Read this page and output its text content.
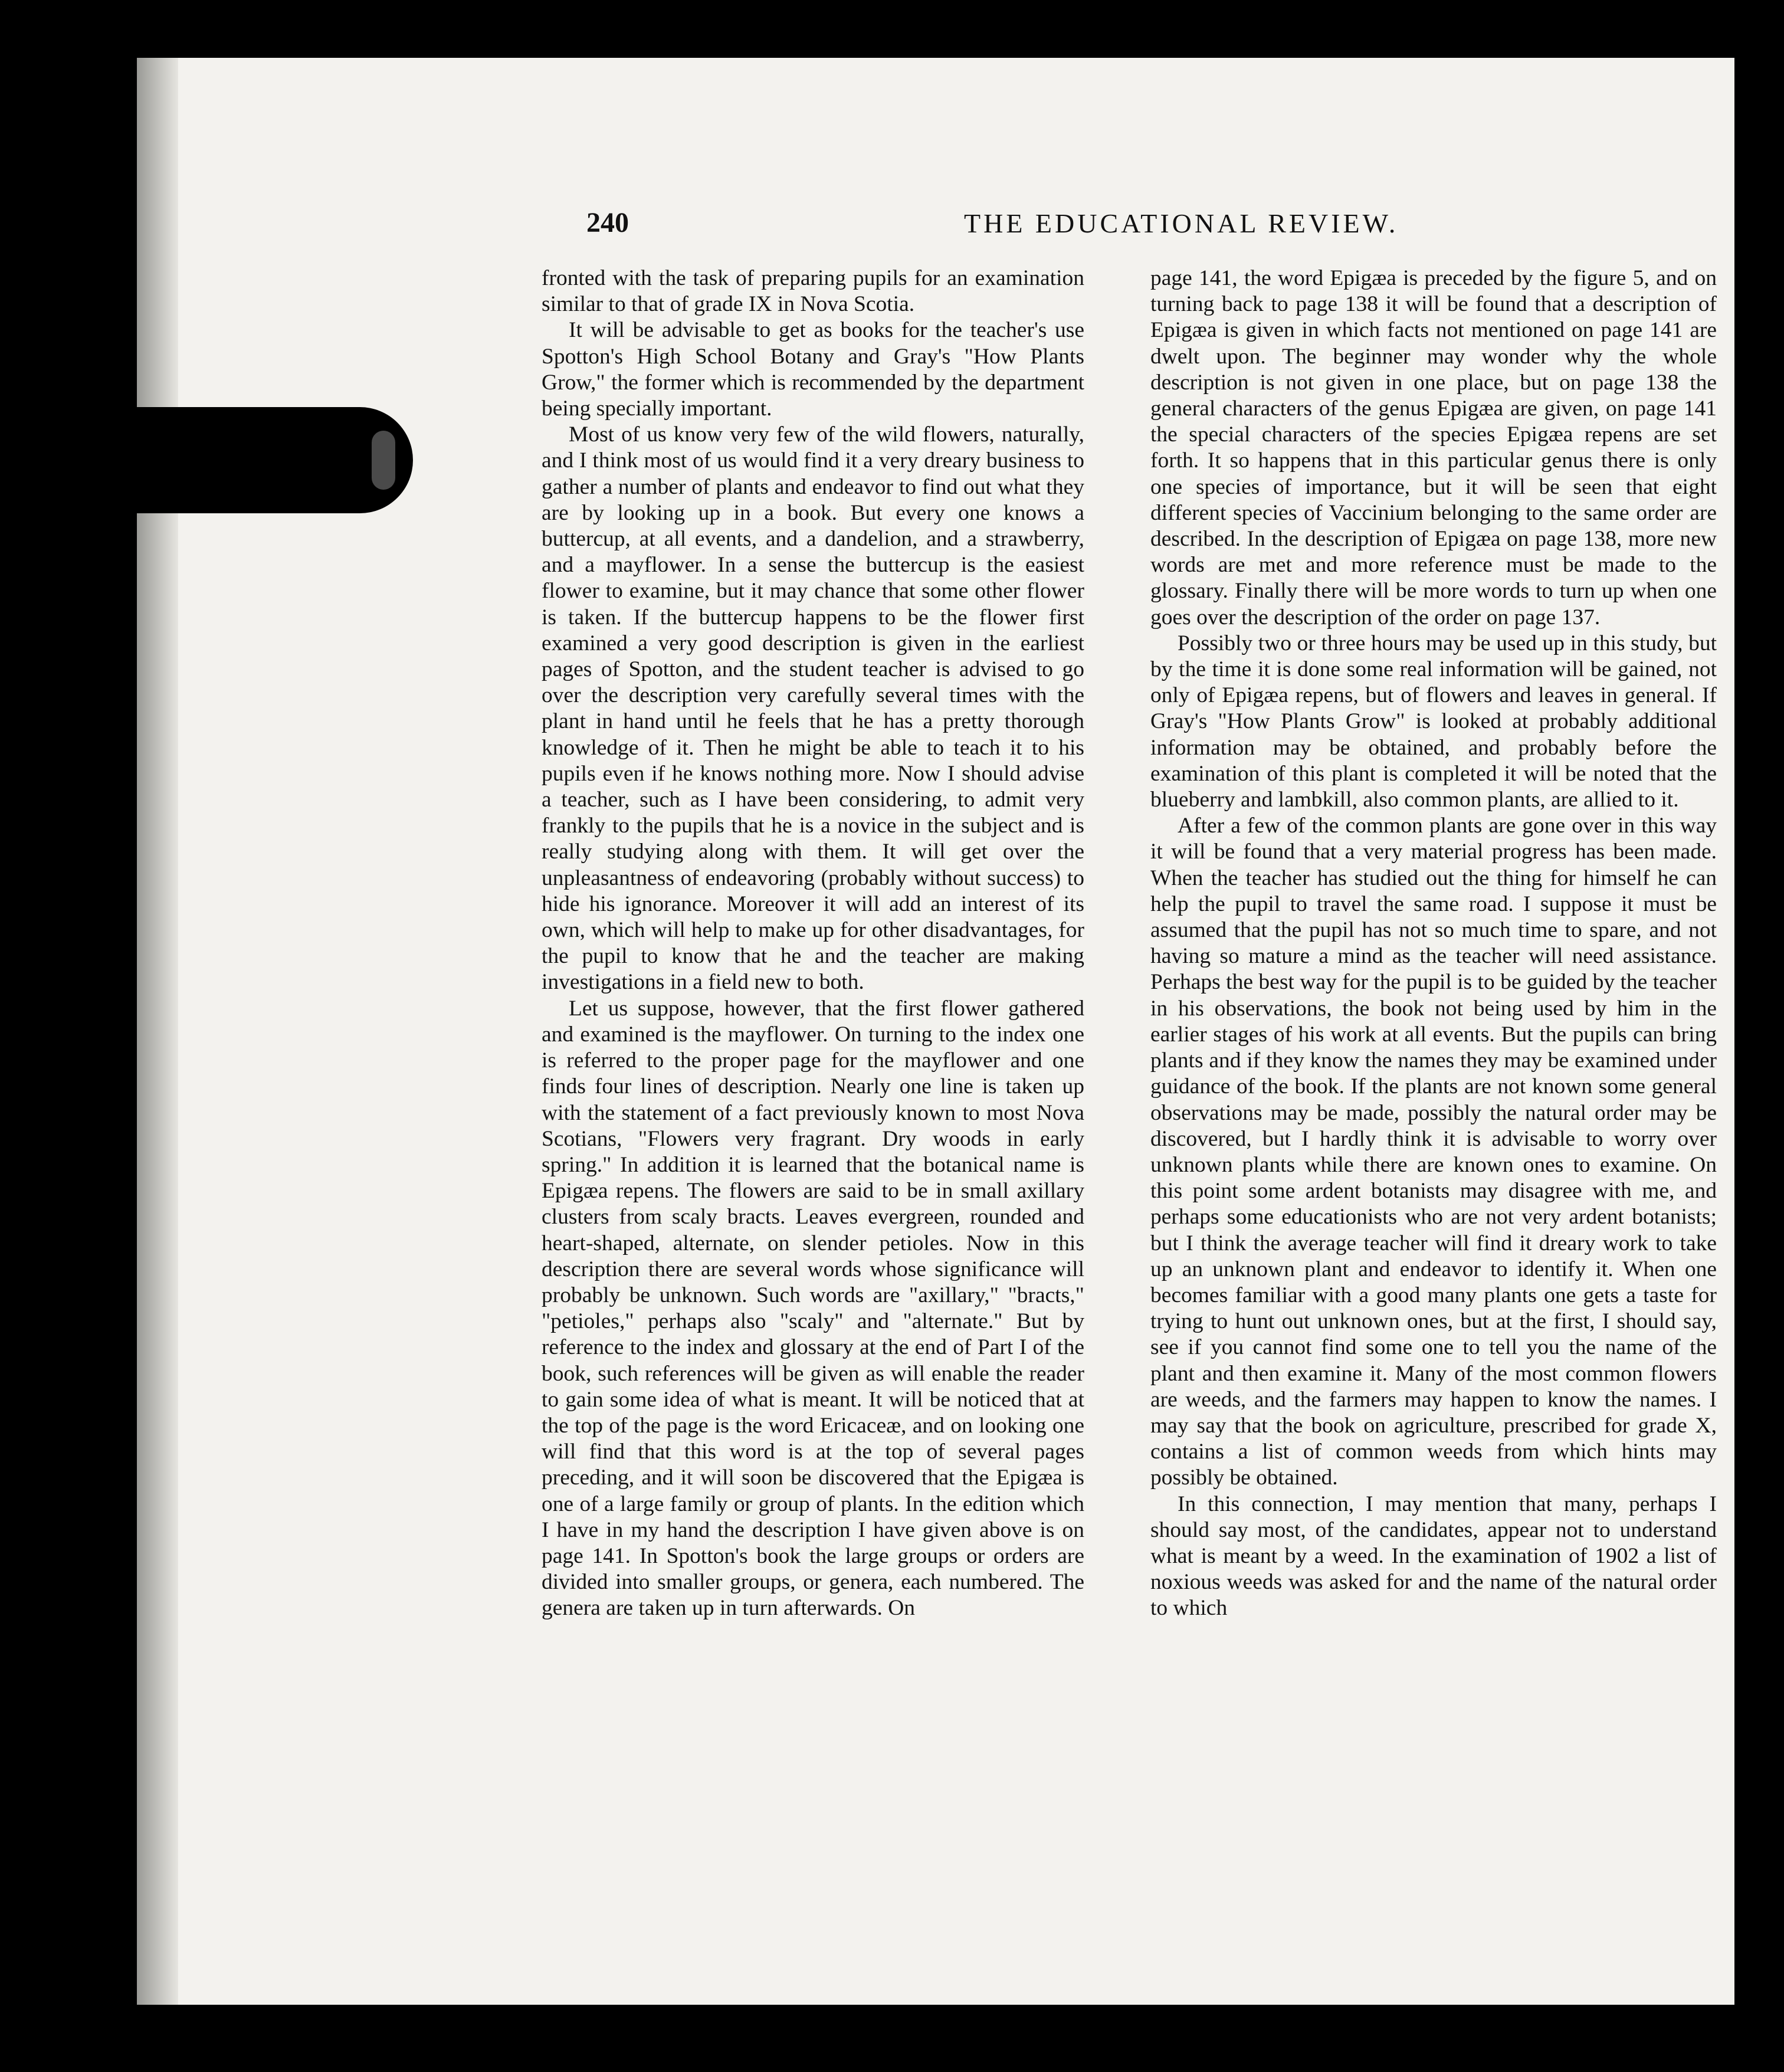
240	THE EDUCATIONAL REVIEW.

fronted with the task of preparing pupils for an examination similar to that of grade IX in Nova Scotia.

It will be advisable to get as books for the teacher's use Spotton's High School Botany and Gray's "How Plants Grow," the former which is recommended by the department being specially important.

Most of us know very few of the wild flowers, naturally, and I think most of us would find it a very dreary business to gather a number of plants and endeavor to find out what they are by looking up in a book. But every one knows a buttercup, at all events, and a dandelion, and a strawberry, and a mayflower. In a sense the buttercup is the easiest flower to examine, but it may chance that some other flower is taken. If the buttercup happens to be the flower first examined a very good description is given in the earliest pages of Spotton, and the student teacher is advised to go over the description very carefully several times with the plant in hand until he feels that he has a pretty thorough knowledge of it. Then he might be able to teach it to his pupils even if he knows nothing more. Now I should advise a teacher, such as I have been considering, to admit very frankly to the pupils that he is a novice in the subject and is really studying along with them. It will get over the unpleasantness of endeavoring (probably without success) to hide his ignorance. Moreover it will add an interest of its own, which will help to make up for other disadvantages, for the pupil to know that he and the teacher are making investigations in a field new to both.

Let us suppose, however, that the first flower gathered and examined is the mayflower. On turning to the index one is referred to the proper page for the mayflower and one finds four lines of description. Nearly one line is taken up with the statement of a fact previously known to most Nova Scotians, "Flowers very fragrant. Dry woods in early spring." In addition it is learned that the botanical name is Epigæa repens. The flowers are said to be in small axillary clusters from scaly bracts. Leaves evergreen, rounded and heart-shaped, alternate, on slender petioles. Now in this description there are several words whose significance will probably be unknown. Such words are "axillary," "bracts," "petioles," perhaps also "scaly" and "alternate." But by reference to the index and glossary at the end of Part I of the book, such references will be given as will enable the reader to gain some idea of what is meant. It will be noticed that at the top of the page is the word Ericaceæ, and on looking one will find that this word is at the top of several pages preceding, and it will soon be discovered that the Epigæa is one of a large family or group of plants. In the edition which I have in my hand the description I have given above is on page 141. In Spotton's book the large groups or orders are divided into smaller groups, or genera, each numbered. The genera are taken up in turn afterwards. On

page 141, the word Epigæa is preceded by the figure 5, and on turning back to page 138 it will be found that a description of Epigæa is given in which facts not mentioned on page 141 are dwelt upon. The beginner may wonder why the whole description is not given in one place, but on page 138 the general characters of the genus Epigæa are given, on page 141 the special characters of the species Epigæa repens are set forth. It so happens that in this particular genus there is only one species of importance, but it will be seen that eight different species of Vaccinium belonging to the same order are described. In the description of Epigæa on page 138, more new words are met and more reference must be made to the glossary. Finally there will be more words to turn up when one goes over the description of the order on page 137.

Possibly two or three hours may be used up in this study, but by the time it is done some real information will be gained, not only of Epigæa repens, but of flowers and leaves in general. If Gray's "How Plants Grow" is looked at probably additional information may be obtained, and probably before the examination of this plant is completed it will be noted that the blueberry and lambkill, also common plants, are allied to it.

After a few of the common plants are gone over in this way it will be found that a very material progress has been made. When the teacher has studied out the thing for himself he can help the pupil to travel the same road. I suppose it must be assumed that the pupil has not so much time to spare, and not having so mature a mind as the teacher will need assistance. Perhaps the best way for the pupil is to be guided by the teacher in his observations, the book not being used by him in the earlier stages of his work at all events. But the pupils can bring plants and if they know the names they may be examined under guidance of the book. If the plants are not known some general observations may be made, possibly the natural order may be discovered, but I hardly think it is advisable to worry over unknown plants while there are known ones to examine. On this point some ardent botanists may disagree with me, and perhaps some educationists who are not very ardent botanists; but I think the average teacher will find it dreary work to take up an unknown plant and endeavor to identify it. When one becomes familiar with a good many plants one gets a taste for trying to hunt out unknown ones, but at the first, I should say, see if you cannot find some one to tell you the name of the plant and then examine it. Many of the most common flowers are weeds, and the farmers may happen to know the names. I may say that the book on agriculture, prescribed for grade X, contains a list of common weeds from which hints may possibly be obtained.

In this connection, I may mention that many, perhaps I should say most, of the candidates, appear not to understand what is meant by a weed. In the examination of 1902 a list of noxious weeds was asked for and the name of the natural order to which
